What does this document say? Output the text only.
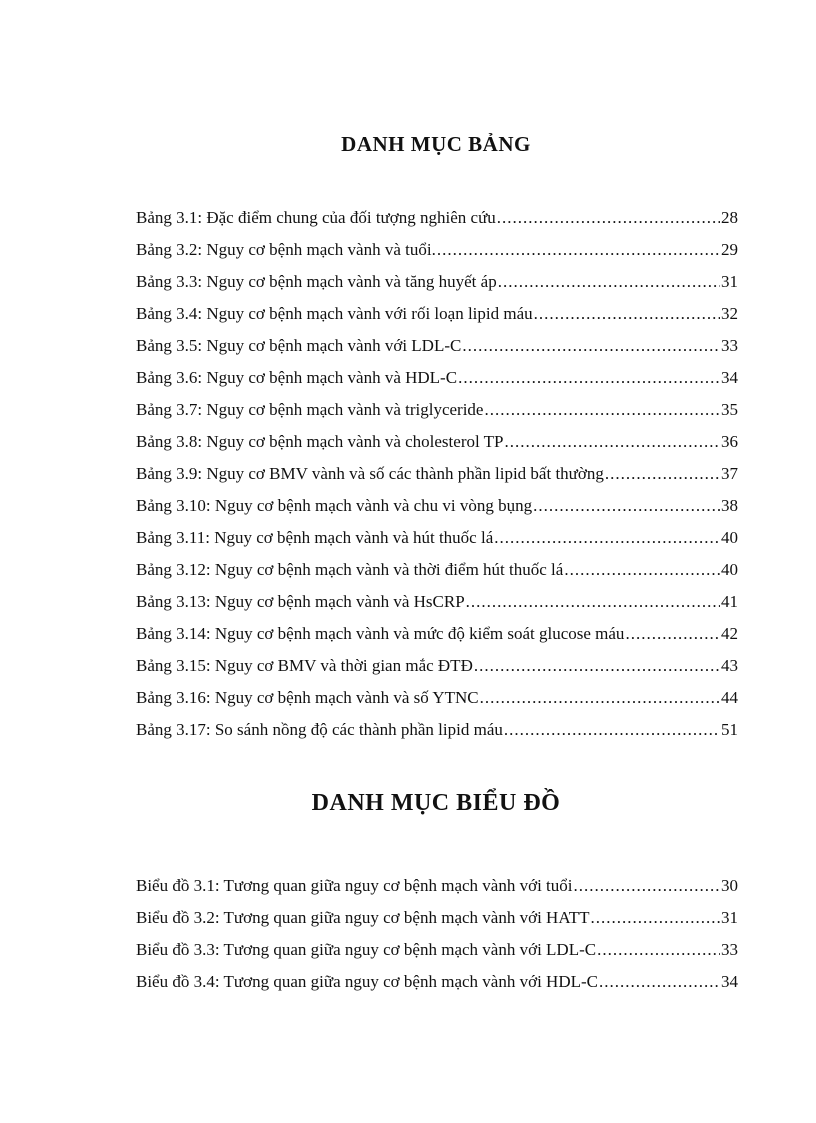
DANH MỤC BẢNG
Bảng 3.1: Đặc điểm chung của đối tượng nghiên cứu .....	28
Bảng 3.2: Nguy cơ bệnh mạch vành và tuổi. .....	29
Bảng 3.3: Nguy cơ bệnh mạch vành và tăng huyết áp .....	31
Bảng 3.4: Nguy cơ bệnh mạch vành với rối loạn lipid máu .....	32
Bảng 3.5: Nguy cơ bệnh mạch vành với LDL-C .....	33
Bảng 3.6: Nguy cơ bệnh mạch vành và HDL-C .....	34
Bảng 3.7: Nguy cơ bệnh mạch vành và triglyceride .....	35
Bảng 3.8: Nguy cơ bệnh mạch vành và cholesterol TP .....	36
Bảng 3.9: Nguy cơ BMV vành và số các thành phần lipid bất thường .....	37
Bảng 3.10: Nguy cơ bệnh mạch vành và chu vi vòng bụng .....	38
Bảng 3.11: Nguy cơ bệnh mạch vành và hút thuốc lá .....	40
Bảng 3.12: Nguy cơ bệnh mạch vành và thời điểm hút thuốc lá .....	40
Bảng 3.13: Nguy cơ bệnh mạch vành và HsCRP .....	41
Bảng 3.14: Nguy cơ bệnh mạch vành và mức độ kiểm soát glucose máu .....	42
Bảng 3.15: Nguy cơ BMV và thời gian mắc ĐTĐ .....	43
Bảng 3.16: Nguy cơ bệnh mạch vành và số YTNC .....	44
Bảng 3.17: So sánh nồng độ các thành phần lipid máu .....	51
DANH MỤC BIỂU ĐỒ
Biểu đồ 3.1: Tương quan giữa nguy cơ bệnh mạch vành với tuổi .....	30
Biểu đồ 3.2: Tương quan giữa nguy cơ bệnh mạch vành với HATT .....	31
Biểu đồ 3.3: Tương quan giữa nguy cơ bệnh mạch vành với LDL-C .....	33
Biểu đồ 3.4: Tương quan giữa nguy cơ bệnh mạch vành với HDL-C .....	34
